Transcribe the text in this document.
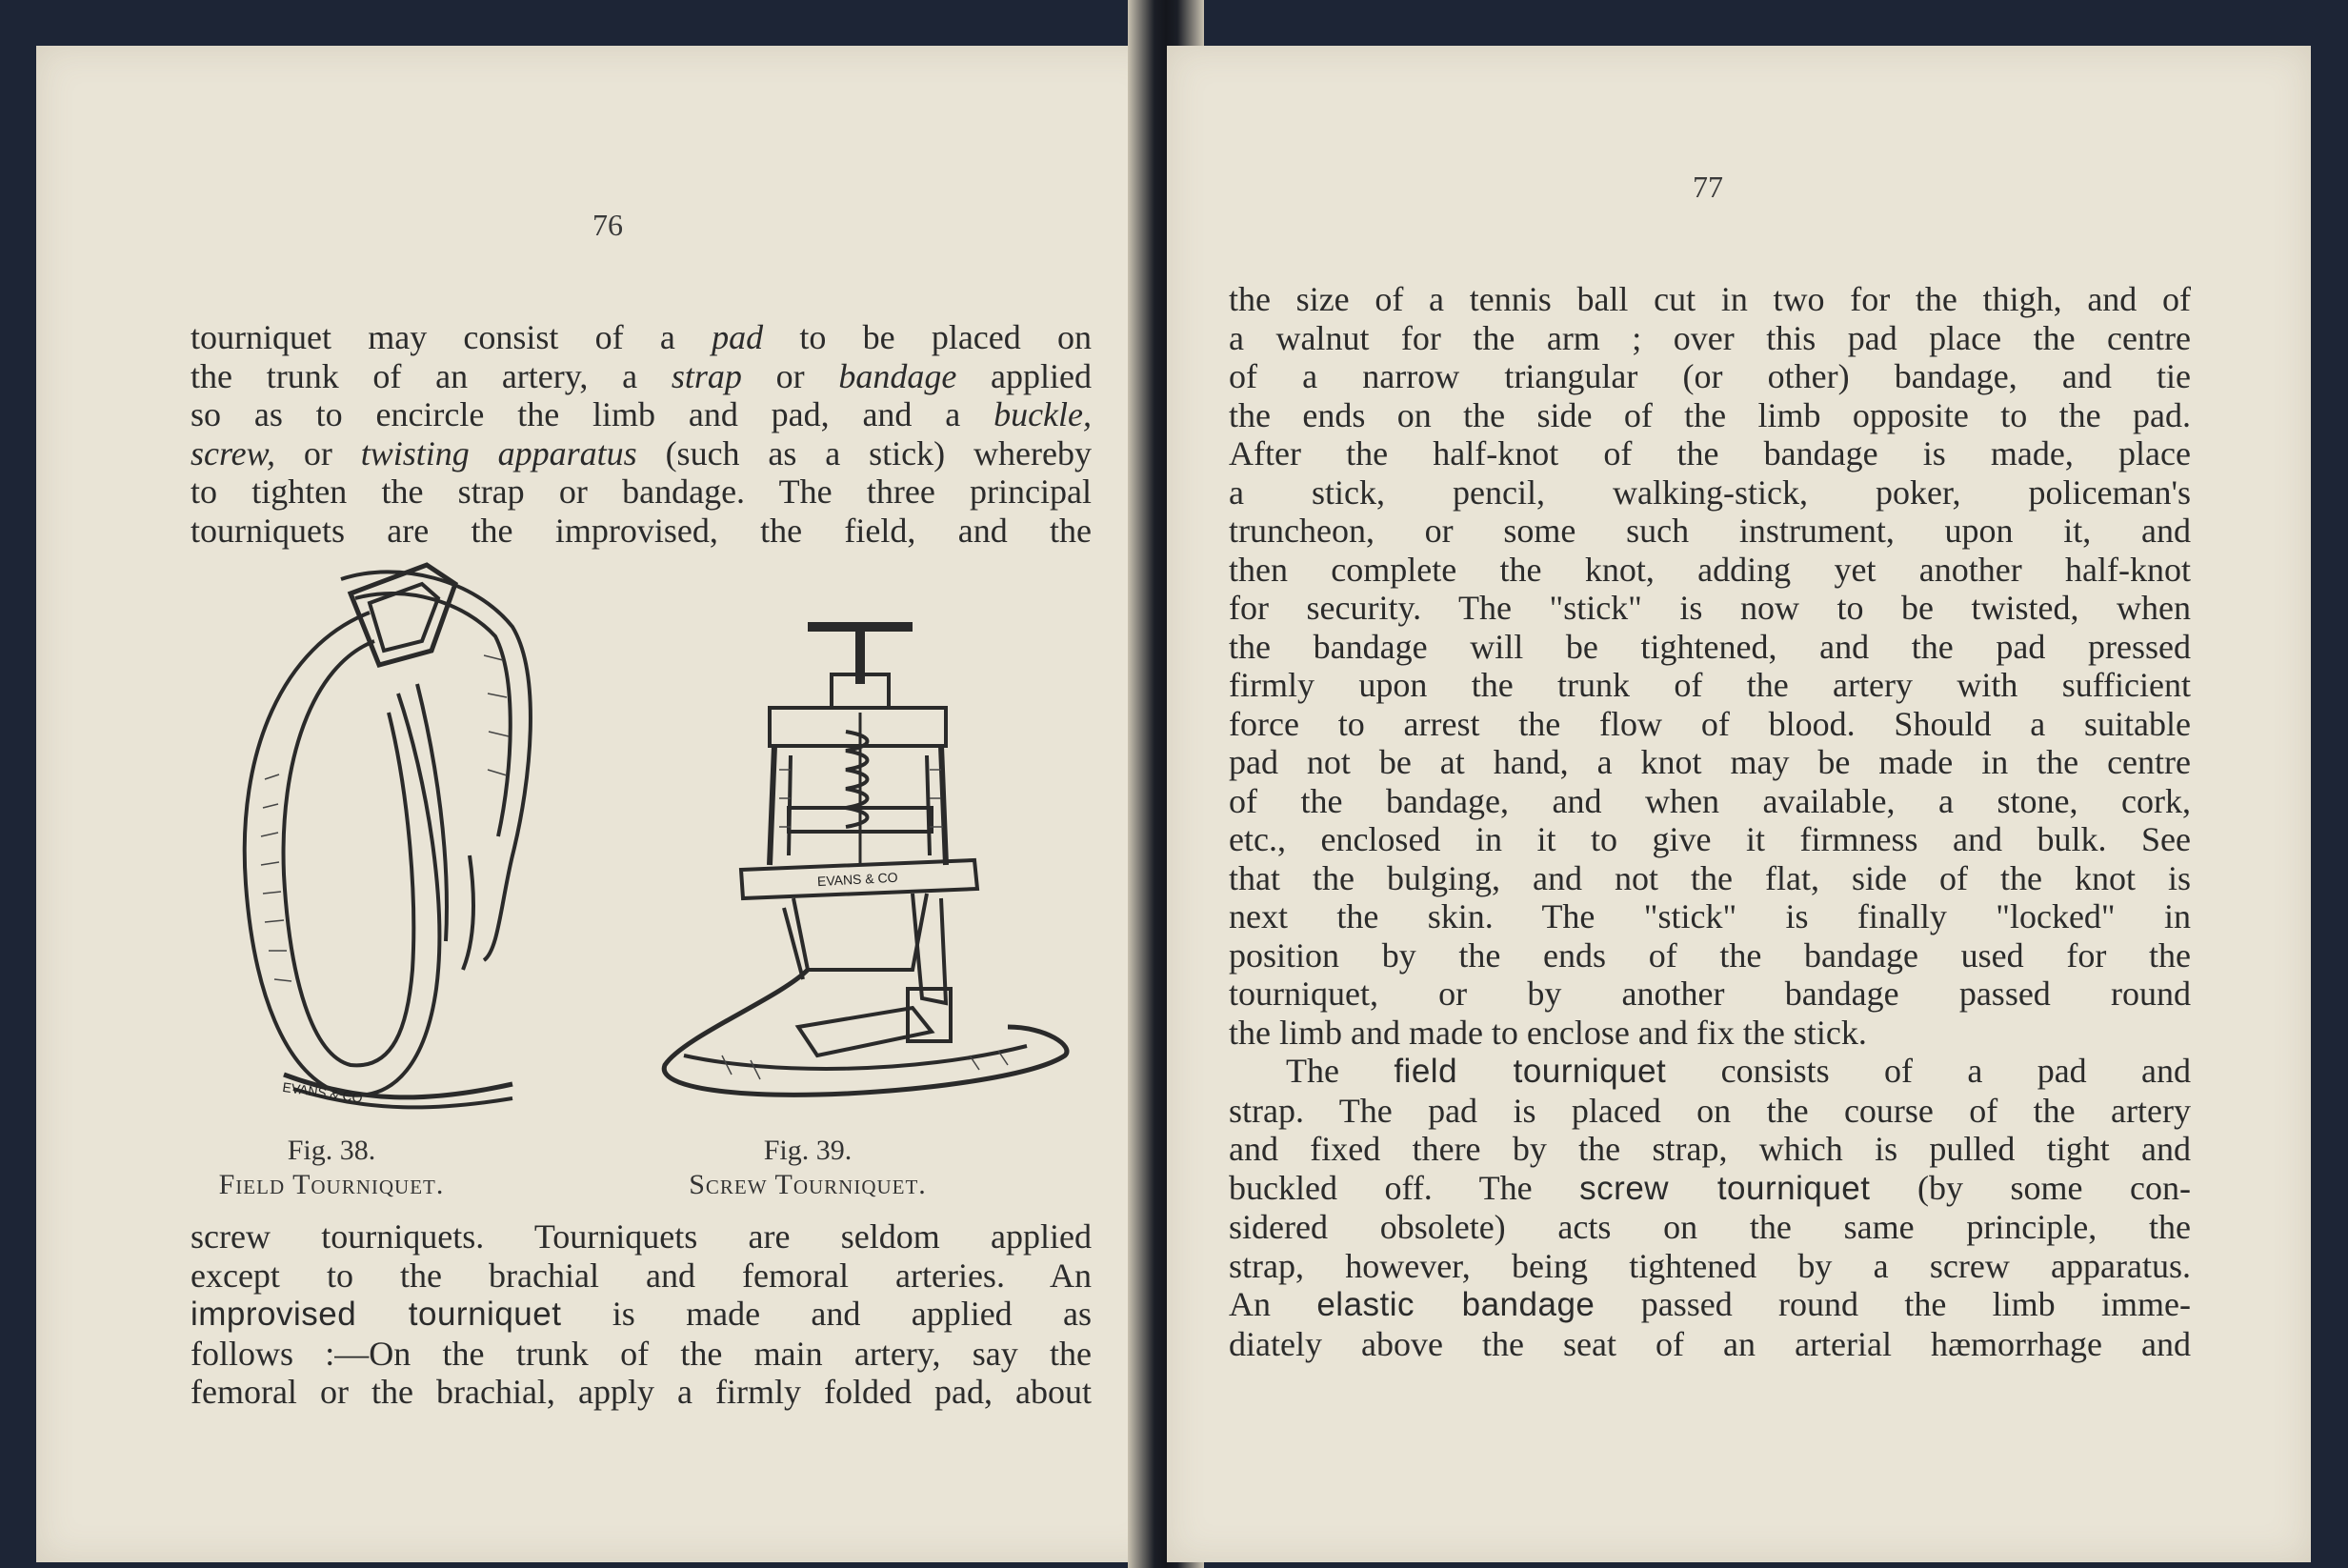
76
tourniquet may consist of a pad to be placed on
the trunk of an artery, a strap or bandage applied
so as to encircle the limb and pad, and a buckle,
screw, or twisting apparatus (such as a stick) whereby
to tighten the strap or bandage. The three principal
tourniquets are the improvised, the field, and the
EVANS & CO
EVANS & CO
Fig. 38.
Field Tourniquet.
Fig. 39.
Screw Tourniquet.
screw tourniquets. Tourniquets are seldom applied
except to the brachial and femoral arteries. An
improvised tourniquet is made and applied as
follows :—On the trunk of the main artery, say the
femoral or the brachial, apply a firmly folded pad, about
77
the size of a tennis ball cut in two for the thigh, and of
a walnut for the arm ; over this pad place the centre
of a narrow triangular (or other) bandage, and tie
the ends on the side of the limb opposite to the pad.
After the half-knot of the bandage is made, place
a stick, pencil, walking-stick, poker, policeman's
truncheon, or some such instrument, upon it, and
then complete the knot, adding yet another half-knot
for security. The "stick" is now to be twisted, when
the bandage will be tightened, and the pad pressed
firmly upon the trunk of the artery with sufficient
force to arrest the flow of blood. Should a suitable
pad not be at hand, a knot may be made in the centre
of the bandage, and when available, a stone, cork,
etc., enclosed in it to give it firmness and bulk. See
that the bulging, and not the flat, side of the knot is
next the skin. The "stick" is finally "locked" in
position by the ends of the bandage used for the
tourniquet, or by another bandage passed round
the limb and made to enclose and fix the stick.
The field tourniquet consists of a pad and
strap. The pad is placed on the course of the artery
and fixed there by the strap, which is pulled tight and
buckled off. The screw tourniquet (by some con-
sidered obsolete) acts on the same principle, the
strap, however, being tightened by a screw apparatus.
An elastic bandage passed round the limb imme-
diately above the seat of an arterial hæmorrhage and
